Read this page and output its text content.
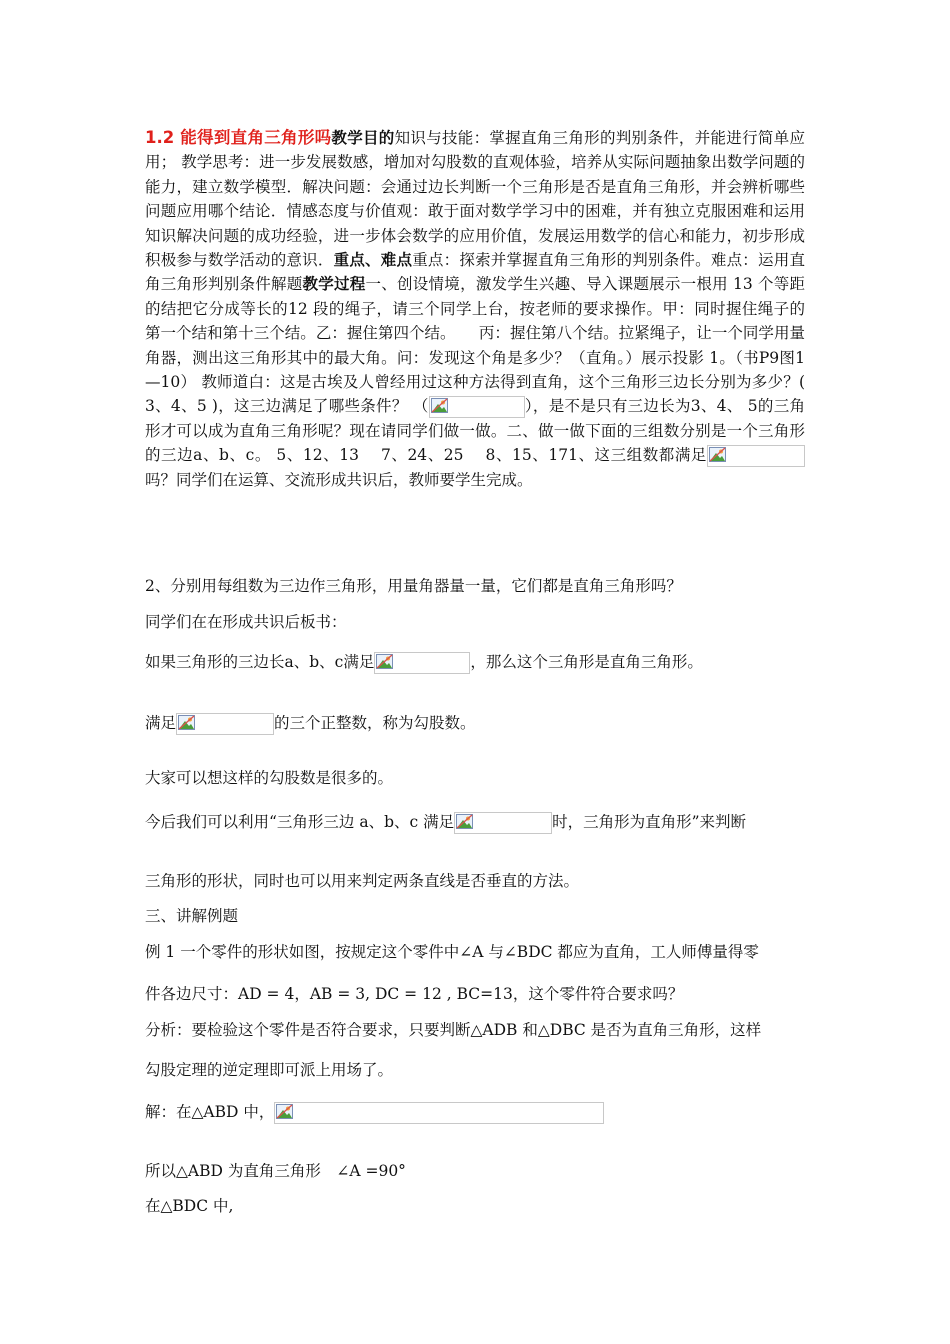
1.2 能得到直角三角形吗教学目的知识与技能：掌握直角三角形的判别条件，并能进行简单应用； 教学思考：进一步发展数感，增加对勾股数的直观体验，培养从实际问题抽象出数学问题的能力，建立数学模型．解决问题：会通过边长判断一个三角形是否是直角三角形，并会辨析哪些问题应用哪个结论．情感态度与价值观：敢于面对数学学习中的困难，并有独立克服困难和运用知识解决问题的成功经验，进一步体会数学的应用价值，发展运用数学的信心和能力，初步形成积极参与数学活动的意识．重点、难点重点：探索并掌握直角三角形的判别条件。难点：运用直角三角形判别条件解题教学过程一、创设情境，激发学生兴趣、导入课题展示一根用 13 个等距的结把它分成等长的12 段的绳子，请三个同学上台，按老师的要求操作。甲：同时握住绳子的第一个结和第十三个结。乙：握住第四个结。　　丙：握住第八个结。拉紧绳子，让一个同学用量角器，测出这三角形其中的最大角。问：发现这个角是多少？（直角。）展示投影 1。（书P9图1—10） 教师道白：这是古埃及人曾经用过这种方法得到直角，这个三角形三边长分别为多少？( 3、4、5 )，这三边满足了哪些条件？ （	），是不是只有三边长为3、4、 5的三角形才可以成为直角三角形呢？现在请同学们做一做。二、做一做下面的三组数分别是一个三角形的三边a、b、c。 5、12、13 7、24、25 8、15、171、这三组数都满足
吗？同学们在运算、交流形成共识后，教师要学生完成。
2、分别用每组数为三边作三角形，用量角器量一量，它们都是直角三角形吗？
同学们在在形成共识后板书：
如果三角形的三边长a、b、c满足	，那么这个三角形是直角三角形。
满足	的三个正整数，称为勾股数。
大家可以想这样的勾股数是很多的。
今后我们可以利用“三角形三边 a、b、c 满足	时，三角形为直角形”来判断
三角形的形状，同时也可以用来判定两条直线是否垂直的方法。
三、讲解例题
例 1 一个零件的形状如图，按规定这个零件中∠A 与∠BDC 都应为直角，工人师傅量得零
件各边尺寸：AD = 4，AB = 3, DC = 12 , BC=13，这个零件符合要求吗？
分析：要检验这个零件是否符合要求，只要判断△ADB 和△DBC 是否为直角三角形，这样
勾股定理的逆定理即可派上用场了。
解：在△ABD 中，
所以△ABD 为直角三角形　∠A =90°
在△BDC 中,
